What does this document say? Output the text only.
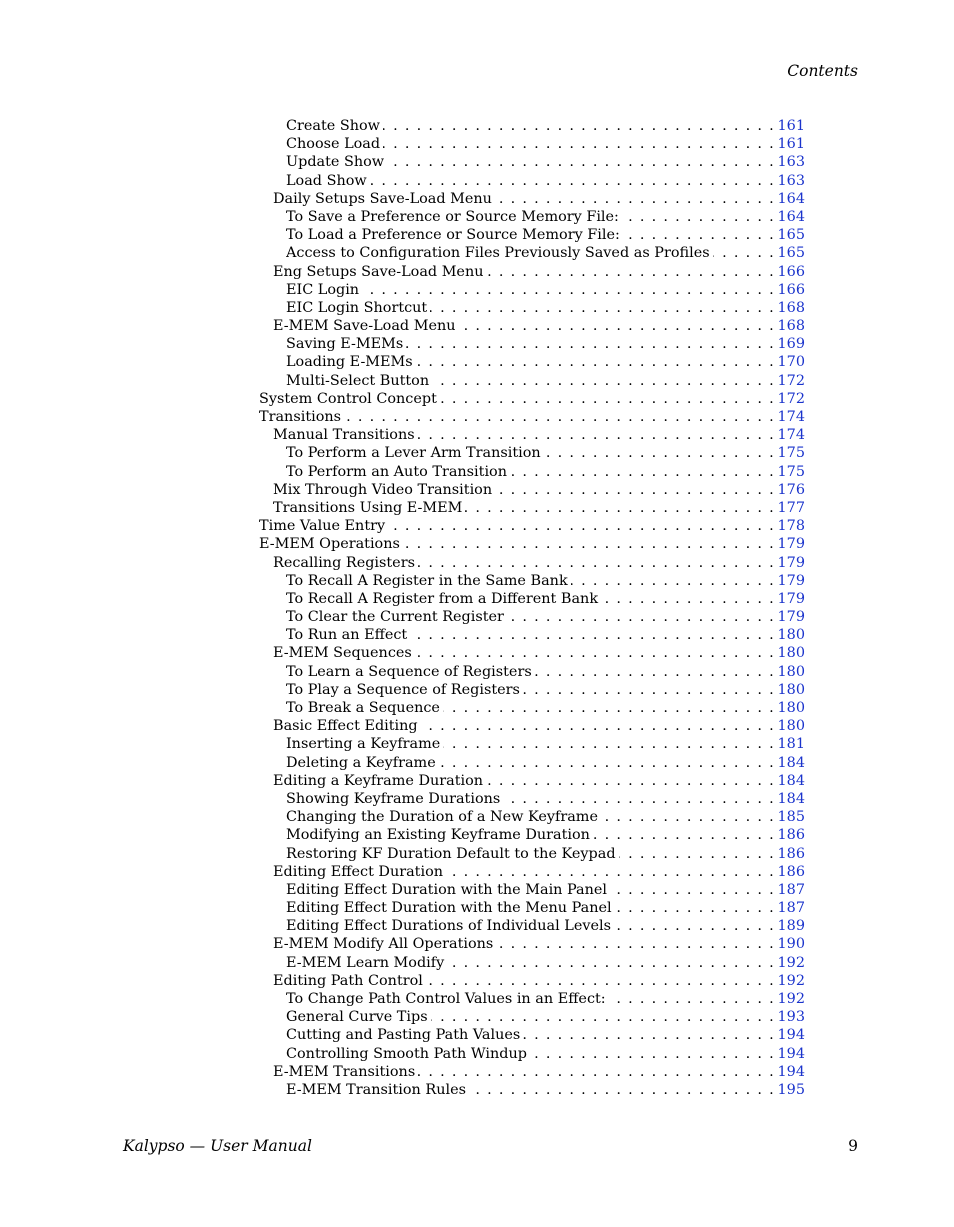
Contents
Create Show . . .	161
Choose Load . . .	161
Update Show . . .	163
Load Show . . .	163
Daily Setups Save-Load Menu . . .	164
To Save a Preference or Source Memory File: . . .	164
To Load a Preference or Source Memory File: . . .	165
Access to Configuration Files Previously Saved as Profiles . . .	165
Eng Setups Save-Load Menu . . .	166
EIC Login . . .	166
EIC Login Shortcut . . .	168
E-MEM Save-Load Menu . . .	168
Saving E-MEMs . . .	169
Loading E-MEMs . . .	170
Multi-Select Button . . .	172
System Control Concept . . .	172
Transitions . . .	174
Manual Transitions . . .	174
To Perform a Lever Arm Transition . . .	175
To Perform an Auto Transition . . .	175
Mix Through Video Transition . . .	176
Transitions Using E-MEM . . .	177
Time Value Entry . . .	178
E-MEM Operations . . .	179
Recalling Registers . . .	179
To Recall A Register in the Same Bank . . .	179
To Recall A Register from a Different Bank . . .	179
To Clear the Current Register . . .	179
To Run an Effect . . .	180
E-MEM Sequences . . .	180
To Learn a Sequence of Registers . . .	180
To Play a Sequence of Registers . . .	180
To Break a Sequence . . .	180
Basic Effect Editing . . .	180
Inserting a Keyframe . . .	181
Deleting a Keyframe . . .	184
Editing a Keyframe Duration . . .	184
Showing Keyframe Durations . . .	184
Changing the Duration of a New Keyframe . . .	185
Modifying an Existing Keyframe Duration . . .	186
Restoring KF Duration Default to the Keypad . . .	186
Editing Effect Duration . . .	186
Editing Effect Duration with the Main Panel . . .	187
Editing Effect Duration with the Menu Panel . . .	187
Editing Effect Durations of Individual Levels . . .	189
E-MEM Modify All Operations . . .	190
E-MEM Learn Modify . . .	192
Editing Path Control . . .	192
To Change Path Control Values in an Effect: . . .	192
General Curve Tips . . .	193
Cutting and Pasting Path Values . . .	194
Controlling Smooth Path Windup . . .	194
E-MEM Transitions . . .	194
E-MEM Transition Rules . . .	195
Kalypso — User Manual	9
